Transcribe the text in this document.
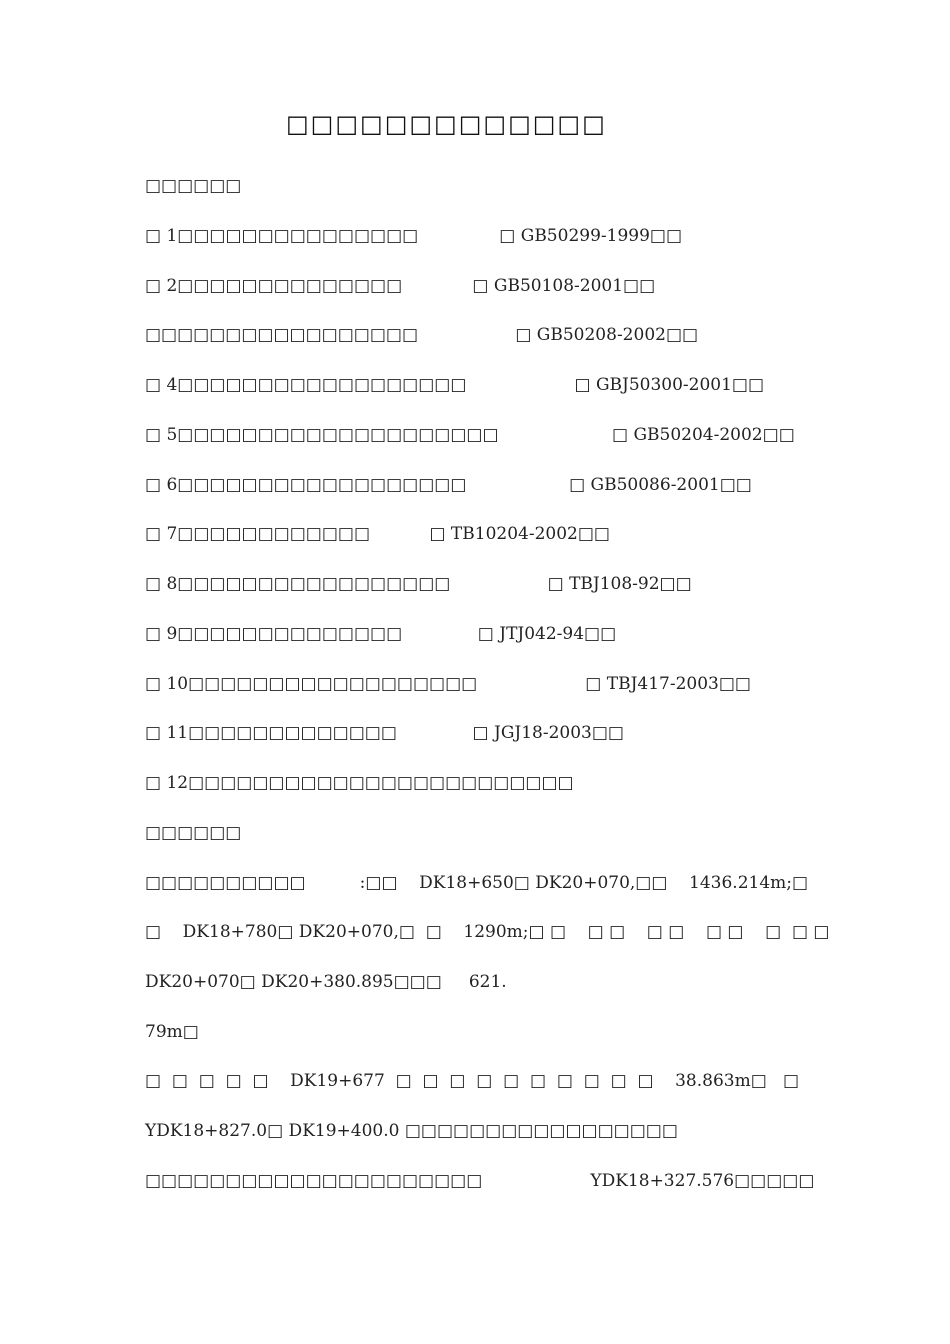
□□□□□□□□□□□□□
□□□□□□
□ 1□□□□□□□□□□□□□□□               □ GB50299-1999□□
□ 2□□□□□□□□□□□□□□             □ GB50108-2001□□
□□□□□□□□□□□□□□□□□                  □ GB50208-2002□□
□ 4□□□□□□□□□□□□□□□□□□                    □ GBJ50300-2001□□
□ 5□□□□□□□□□□□□□□□□□□□□                     □ GB50204-2002□□
□ 6□□□□□□□□□□□□□□□□□□                   □ GB50086-2001□□
□ 7□□□□□□□□□□□□           □ TB10204-2002□□
□ 8□□□□□□□□□□□□□□□□□                  □ TBJ108-92□□
□ 9□□□□□□□□□□□□□□              □ JTJ042-94□□
□ 10□□□□□□□□□□□□□□□□□□                    □ TBJ417-2003□□
□ 11□□□□□□□□□□□□□              □ JGJ18-2003□□
□ 12□□□□□□□□□□□□□□□□□□□□□□□□
□□□□□□
□□□□□□□□□□          :□□    DK18+650□ DK20+070,□□    1436.214m;□
□    DK18+780□ DK20+070,□  □    1290m;□ □    □ □    □ □    □ □    □  □ □
DK20+070□ DK20+380.895□□□     621.
79m□
□  □  □  □  □    DK19+677  □  □  □  □  □  □  □  □  □  □    38.863m□   □
YDK18+827.0□ DK19+400.0 □□□□□□□□□□□□□□□□□
□□□□□□□□□□□□□□□□□□□□□                    YDK18+327.576□□□□□
